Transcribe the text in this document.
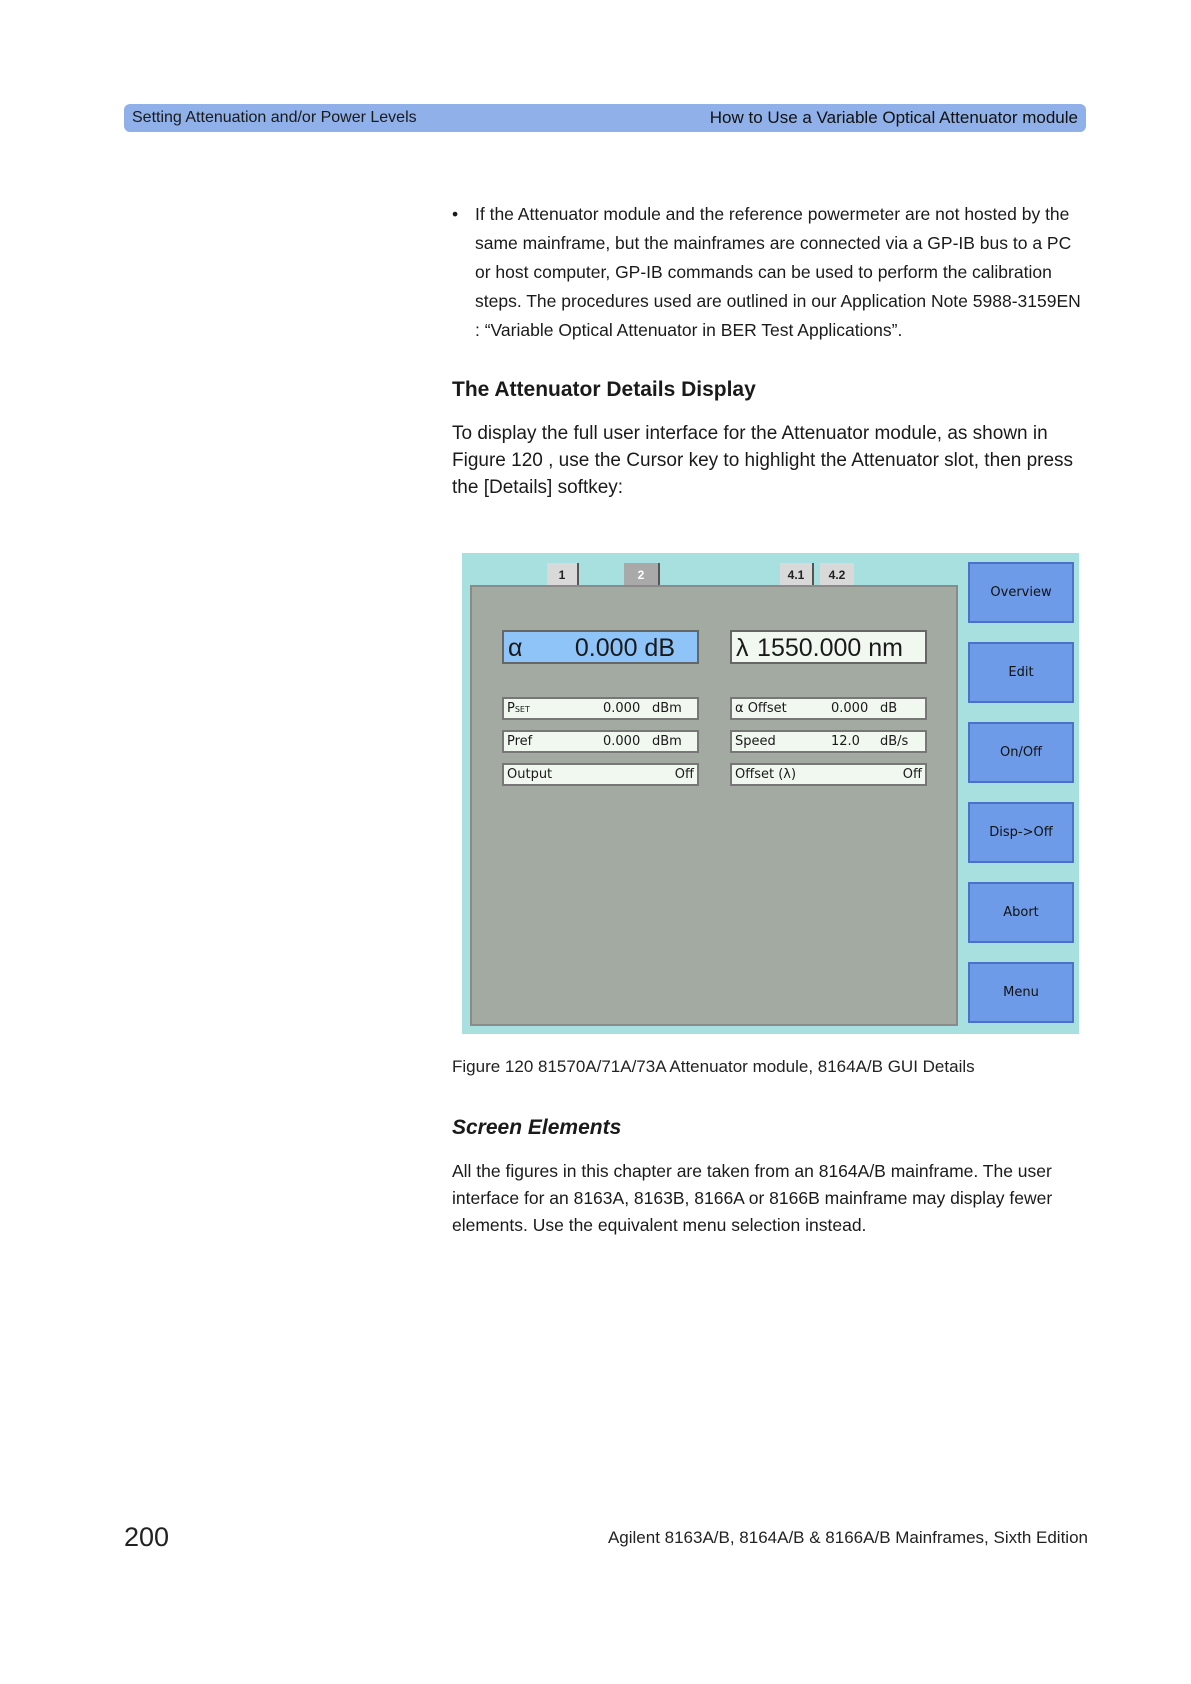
Setting Attenuation and/or Power Levels	How to Use a Variable Optical Attenuator module
• If the Attenuator module and the reference powermeter are not hosted by the same mainframe, but the mainframes are connected via a GP-IB bus to a PC or host computer, GP-IB commands can be used to perform the calibration steps. The procedures used are outlined in our Application Note 5988-3159EN : “Variable Optical Attenuator in BER Test Applications”.
The Attenuator Details Display
To display the full user interface for the Attenuator module, as shown in Figure 120 , use the Cursor key to highlight the Attenuator slot, then press the [Details] softkey:
1	2	4.1	4.2
α 0.000 dB λ 1550.000 nm
PSET	0.000 dBm	α Offset	0.000 dB
Pref	0.000 dBm	Speed	12.0 dB/s
Output	Off	Offset (λ)	Off
Overview
Edit
On/Off
Disp->Off
Abort
Menu
Figure 120 81570A/71A/73A Attenuator module, 8164A/B GUI Details
Screen Elements
All the figures in this chapter are taken from an 8164A/B mainframe. The user interface for an 8163A, 8163B, 8166A or 8166B mainframe may display fewer elements. Use the equivalent menu selection instead.
200	Agilent 8163A/B, 8164A/B & 8166A/B Mainframes, Sixth Edition
